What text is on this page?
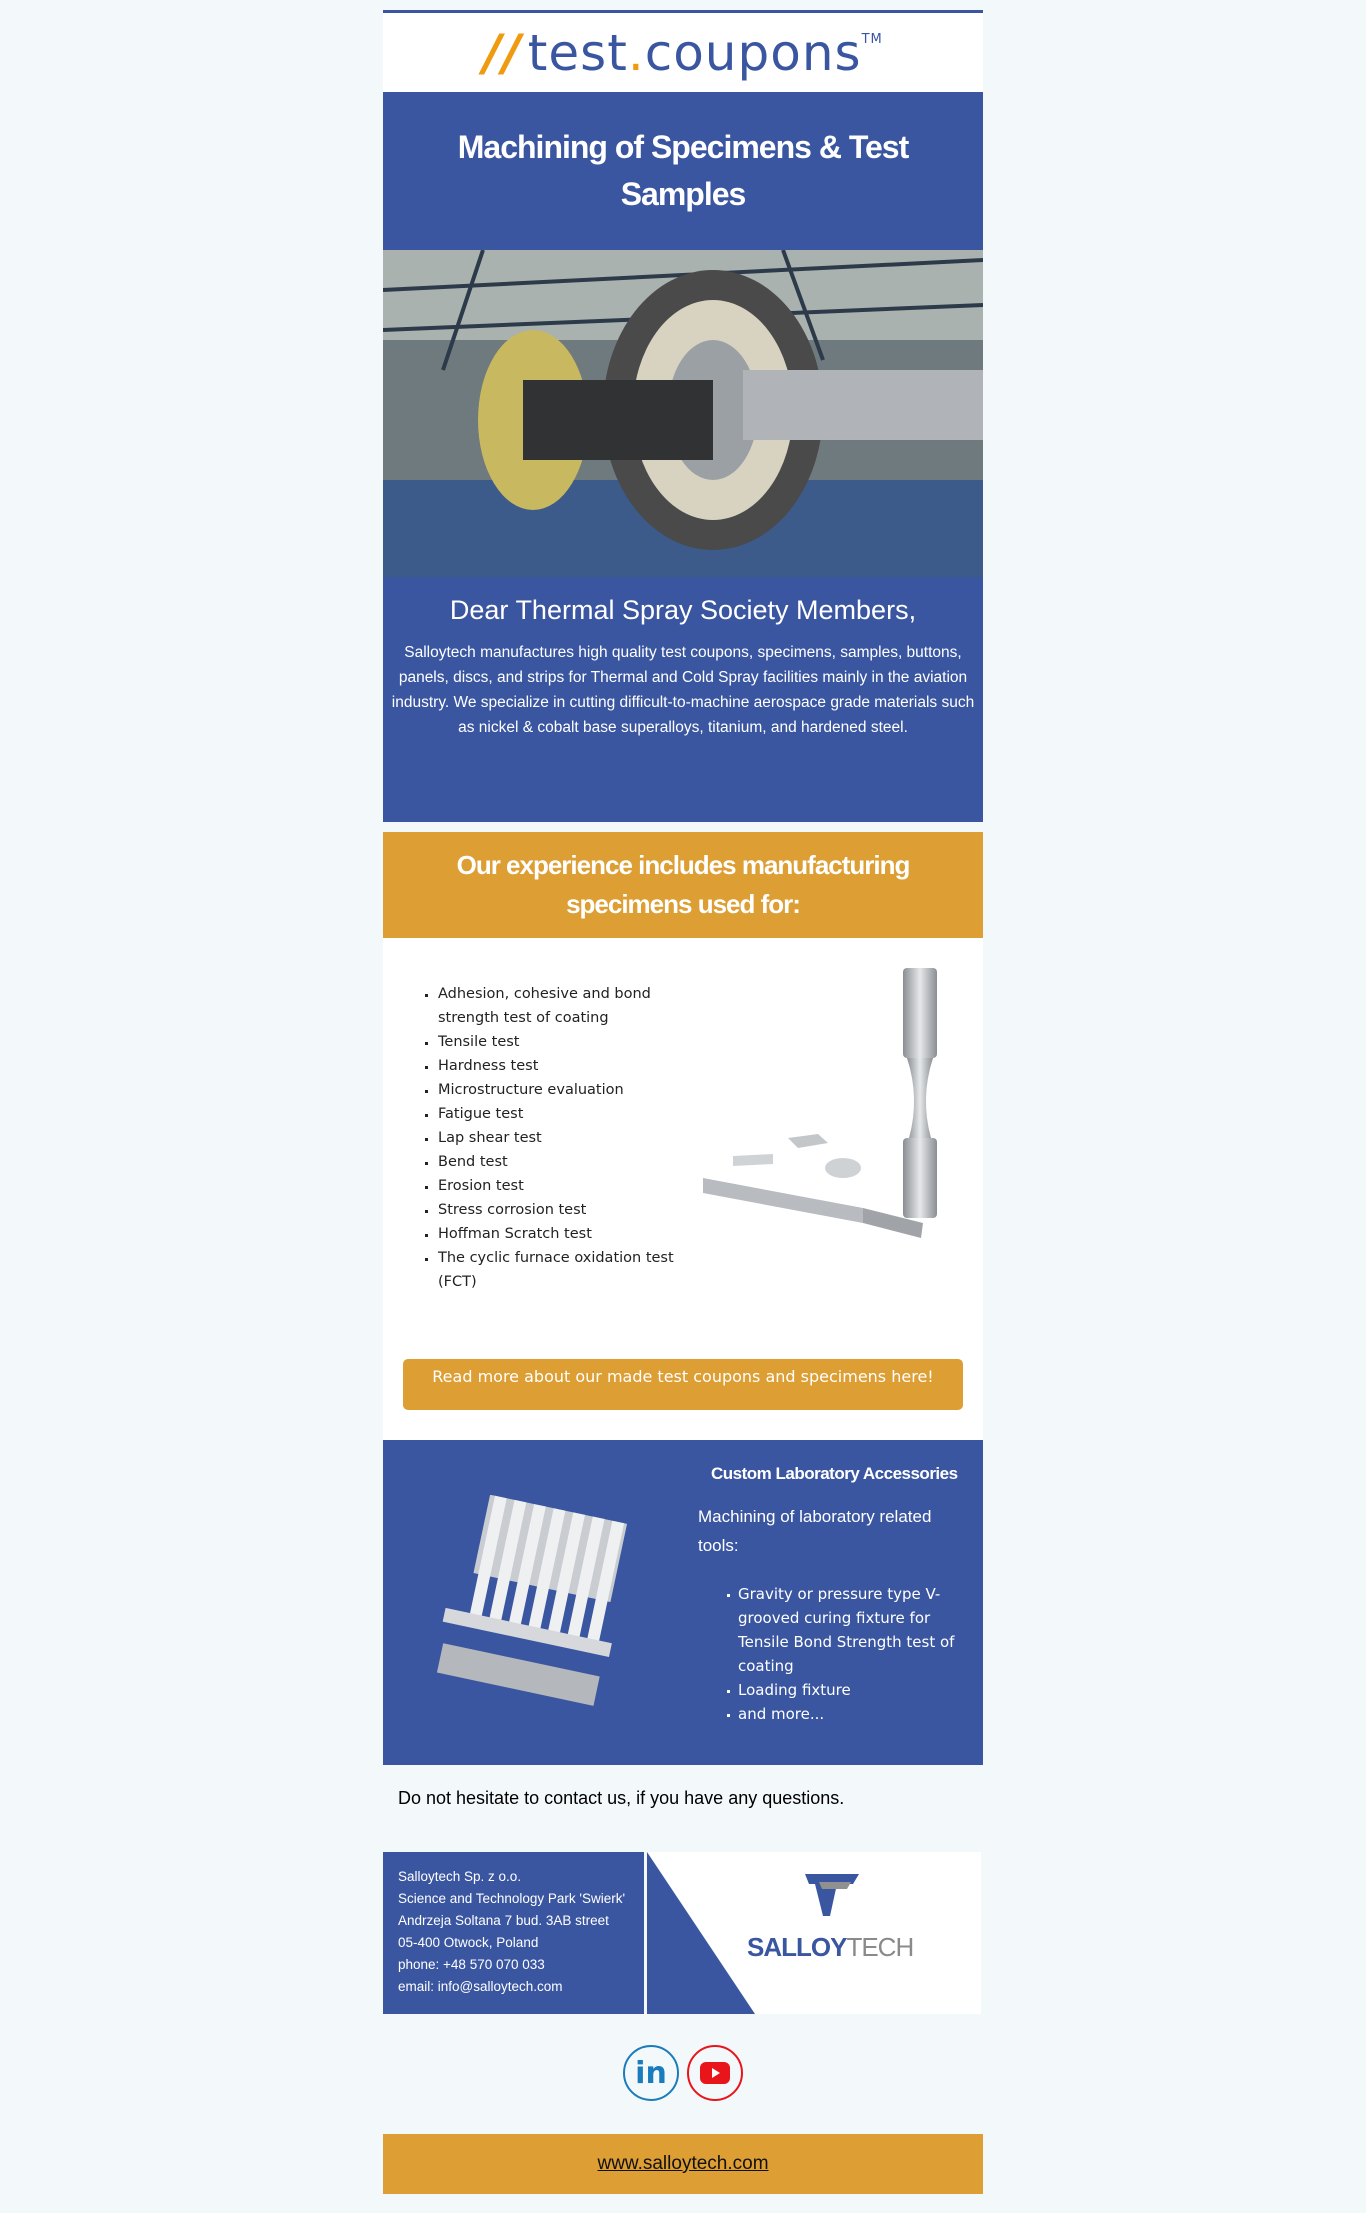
// test . coupons TM
Machining of Specimens & Test Samples
Dear Thermal Spray Society Members,

Salloytech manufactures high quality test coupons, specimens, samples, buttons, panels, discs, and strips for Thermal and Cold Spray facilities mainly in the aviation industry. We specialize in cutting difficult-to-machine aerospace grade materials such as nickel & cobalt base superalloys, titanium, and hardened steel.

Our experience includes manufacturing specimens used for:
Adhesion, cohesive and bond strength test of coating
Tensile test
Hardness test
Microstructure evaluation
Fatigue test
Lap shear test
Bend test
Erosion test
Stress corrosion test
Hoffman Scratch test
The cyclic furnace oxidation test (FCT)
Read more about our made test coupons and specimens here!
Custom Laboratory Accessories
Machining of laboratory related tools:
Gravity or pressure type V-grooved curing fixture for Tensile Bond Strength test of coating
Loading fixture
and more...
Do not hesitate to contact us, if you have any questions.
Salloytech Sp. z o.o.
Science and Technology Park 'Swierk'
Andrzeja Soltana 7 bud. 3AB street
05-400 Otwock, Poland
phone: +48 570 070 033
email: info@salloytech.com
SALLOYTECH
in
www.salloytech.com
